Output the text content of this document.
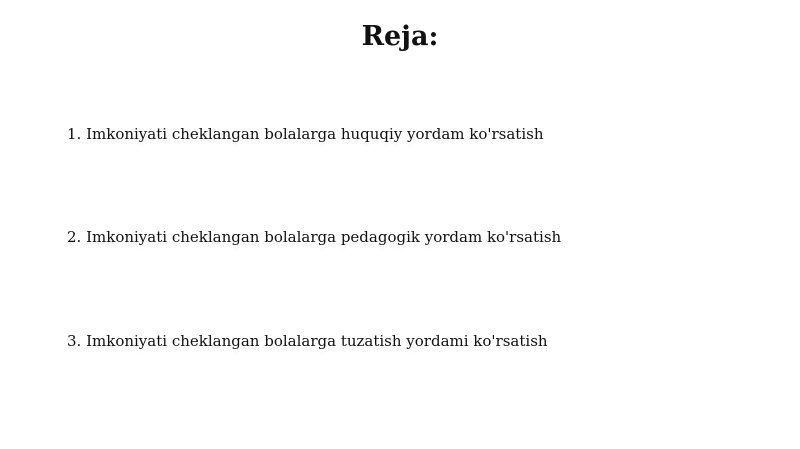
Reja:
1. Imkoniyati cheklangan bolalarga huquqiy yordam ko'rsatish
2. Imkoniyati cheklangan bolalarga pedagogik yordam ko'rsatish
3. Imkoniyati cheklangan bolalarga tuzatish yordami ko'rsatish
